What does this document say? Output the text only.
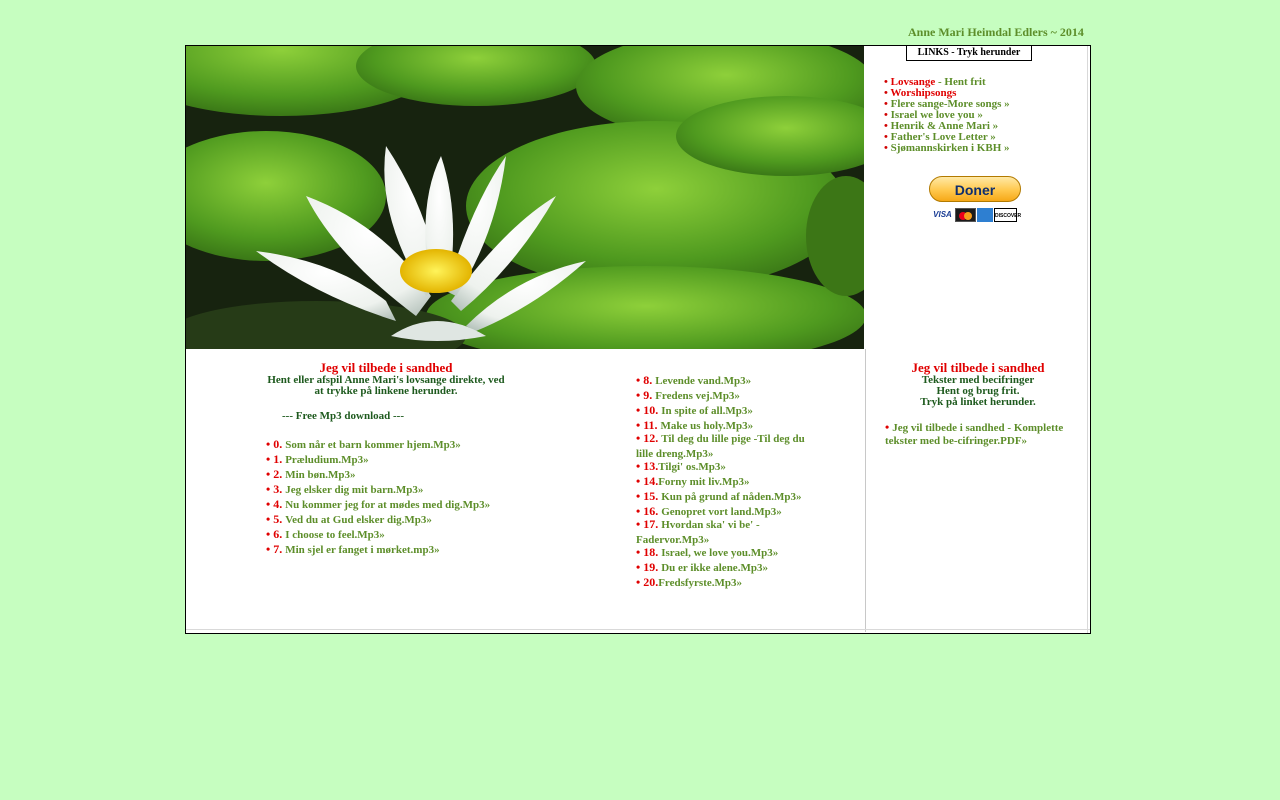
Anne Mari Heimdal Edlers ~ 2014
LINKS - Tryk herunder
• Lovsange - Hent frit
• Worshipsongs
• Flere sange-More songs »
• Israel we love you »
• Henrik & Anne Mari »
• Father's Love Letter »
• Sjømannskirken i KBH »
Doner
VISA	DISCOVER
Jeg vil tilbede i sandhed
Hent eller afspil Anne Mari's lovsange direkte, ved at trykke på linkene herunder.
--- Free Mp3 download ---
• 0. Som når et barn kommer hjem.Mp3»
• 1. Præludium.Mp3»
• 2. Min bøn.Mp3»
• 3. Jeg elsker dig mit barn.Mp3»
• 4. Nu kommer jeg for at mødes med dig.Mp3»
• 5. Ved du at Gud elsker dig.Mp3»
• 6. I choose to feel.Mp3»
• 7. Min sjel er fanget i mørket.mp3»
• 8. Levende vand.Mp3»
• 9. Fredens vej.Mp3»
• 10. In spite of all.Mp3»
• 11. Make us holy.Mp3»
• 12. Til deg du lille pige -Til deg du lille dreng.Mp3»
• 13.Tilgi' os.Mp3»
• 14.Forny mit liv.Mp3»
• 15. Kun på grund af nåden.Mp3»
• 16. Genopret vort land.Mp3»
• 17. Hvordan ska' vi be' - Fadervor.Mp3»
• 18. Israel, we love you.Mp3»
• 19. Du er ikke alene.Mp3»
• 20.Fredsfyrste.Mp3»
Jeg vil tilbede i sandhed
Tekster med becifringer
Hent og brug frit.
Tryk på linket herunder.
• Jeg vil tilbede i sandhed - Komplette tekster med be-cifringer.PDF»
